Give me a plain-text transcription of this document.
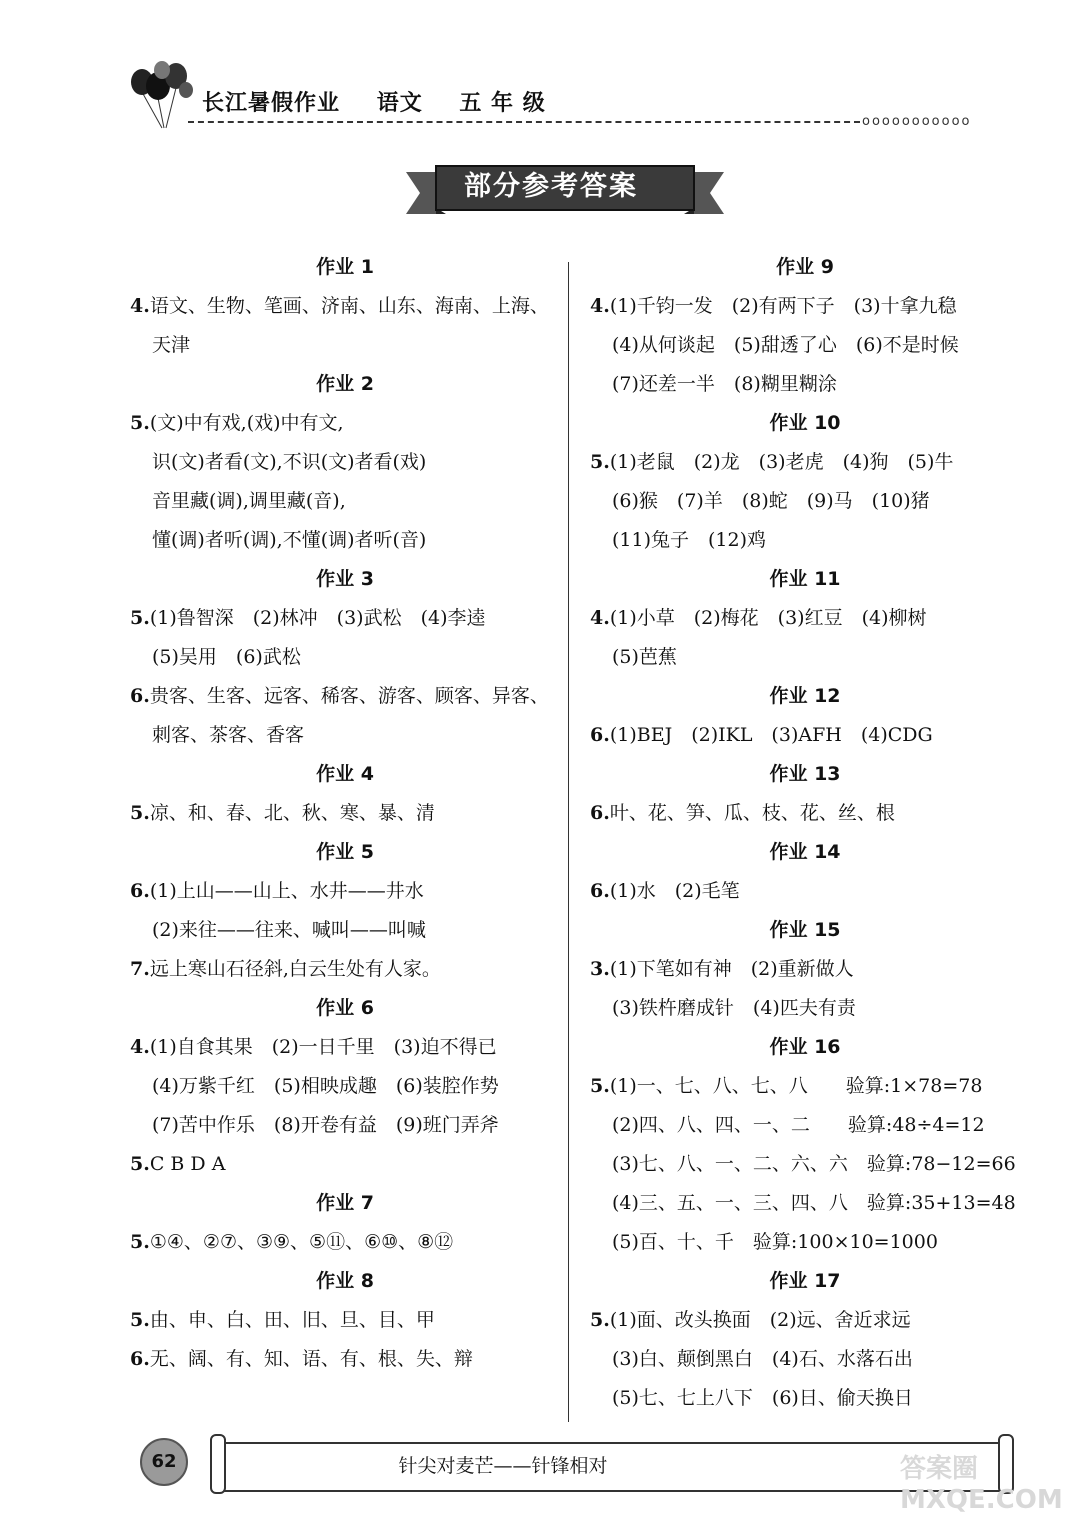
长江暑假作业 语文 五 年 级
ooooooooooo
部分参考答案
作业 1
4.语文、生物、笔画、济南、山东、海南、上海、
天津
作业 2
5.(文)中有戏,(戏)中有文,
识(文)者看(文),不识(文)者看(戏)
音里藏(调),调里藏(音),
懂(调)者听(调),不懂(调)者听(音)
作业 3
5.(1)鲁智深　(2)林冲　(3)武松　(4)李逵
(5)吴用　(6)武松
6.贵客、生客、远客、稀客、游客、顾客、异客、
刺客、茶客、香客
作业 4
5.凉、和、春、北、秋、寒、暴、清
作业 5
6.(1)上山——山上、水井——井水
(2)来往——往来、喊叫——叫喊
7.远上寒山石径斜,白云生处有人家。
作业 6
4.(1)自食其果　(2)一日千里　(3)迫不得已
(4)万紫千红　(5)相映成趣　(6)装腔作势
(7)苦中作乐　(8)开卷有益　(9)班门弄斧
5.C B D A
作业 7
5.①④、②⑦、③⑨、⑤⑪、⑥⑩、⑧⑫
作业 8
5.由、申、白、田、旧、旦、目、甲
6.无、阔、有、知、语、有、根、失、辩
作业 9
4.(1)千钧一发　(2)有两下子　(3)十拿九稳
(4)从何谈起　(5)甜透了心　(6)不是时候
(7)还差一半　(8)糊里糊涂
作业 10
5.(1)老鼠　(2)龙　(3)老虎　(4)狗　(5)牛
(6)猴　(7)羊　(8)蛇　(9)马　(10)猪
(11)兔子　(12)鸡
作业 11
4.(1)小草　(2)梅花　(3)红豆　(4)柳树
(5)芭蕉
作业 12
6.(1)BEJ　(2)IKL　(3)AFH　(4)CDG
作业 13
6.叶、花、笋、瓜、枝、花、丝、根
作业 14
6.(1)水　(2)毛笔
作业 15
3.(1)下笔如有神　(2)重新做人
(3)铁杵磨成针　(4)匹夫有责
作业 16
5.(1)一、七、八、七、八　　验算:1×78=78
(2)四、八、四、一、二　　验算:48÷4=12
(3)七、八、一、二、六、六　验算:78−12=66
(4)三、五、一、三、四、八　验算:35+13=48
(5)百、十、千　验算:100×10=1000
作业 17
5.(1)面、改头换面　(2)远、舍近求远
(3)白、颠倒黑白　(4)石、水落石出
(5)七、七上八下　(6)日、偷天换日
62	针尖对麦芒——针锋相对	答案圈 MXQE.COM
